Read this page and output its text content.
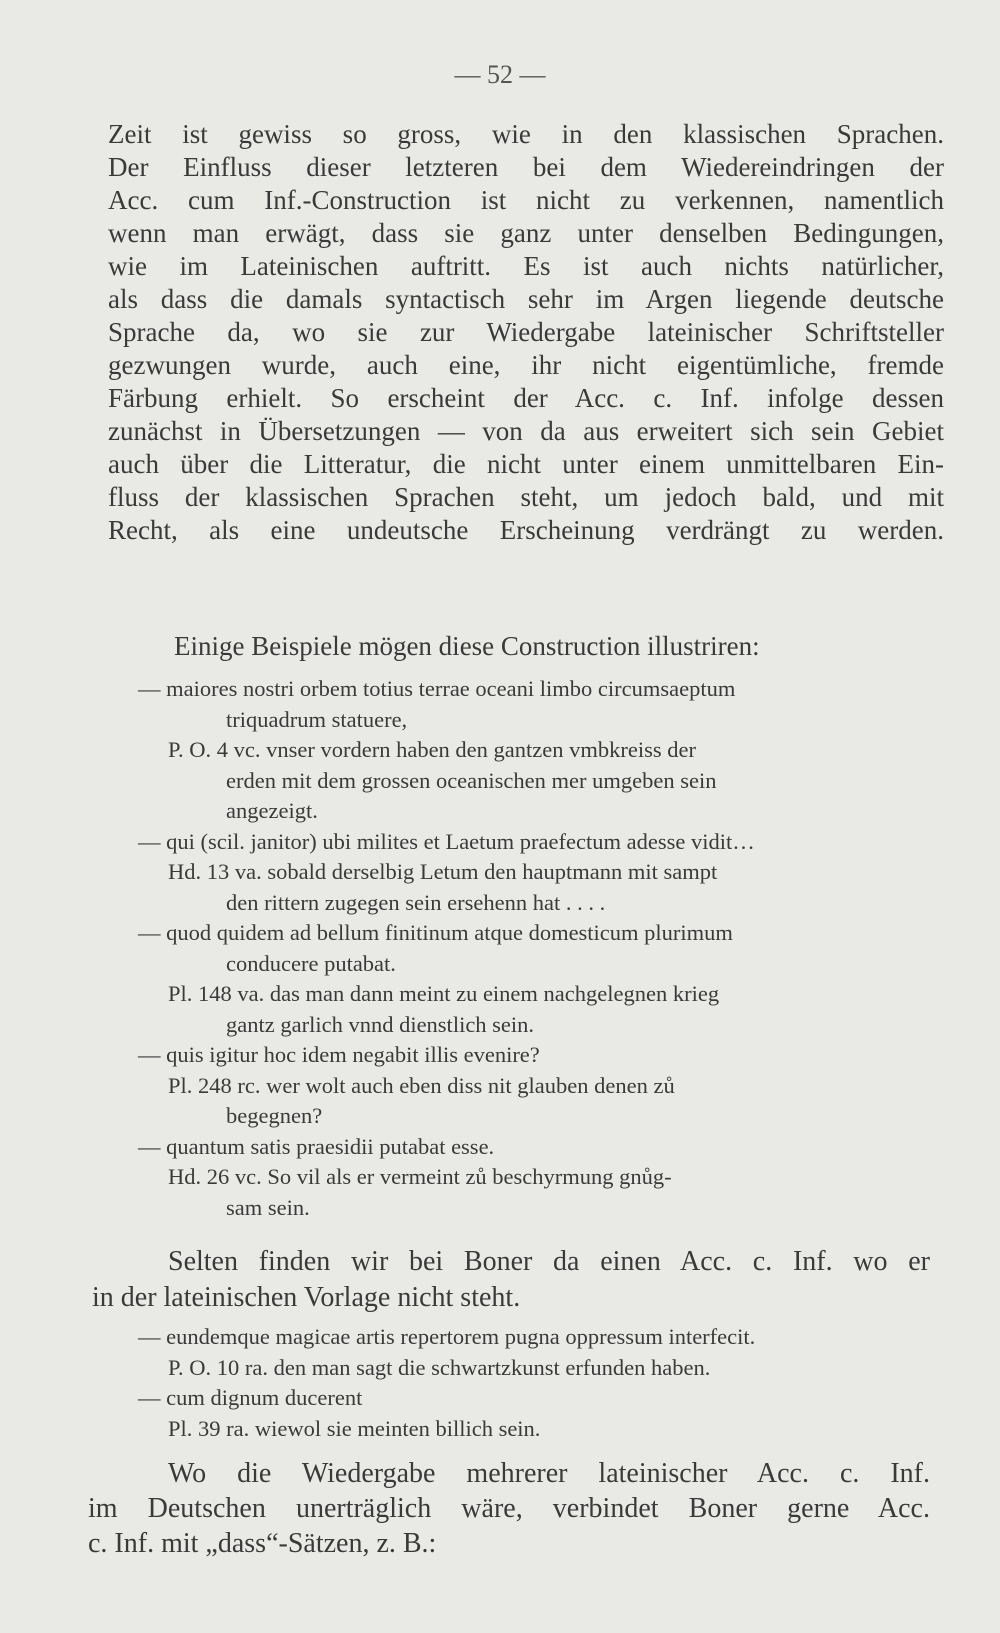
— 52 —
Zeit ist gewiss so gross, wie in den klassischen Sprachen.
Der Einfluss dieser letzteren bei dem Wiedereindringen der
Acc. cum Inf.-Construction ist nicht zu verkennen, namentlich
wenn man erwägt, dass sie ganz unter denselben Bedingungen,
wie im Lateinischen auftritt. Es ist auch nichts natürlicher,
als dass die damals syntactisch sehr im Argen liegende deutsche
Sprache da, wo sie zur Wiedergabe lateinischer Schriftsteller
gezwungen wurde, auch eine, ihr nicht eigentümliche, fremde
Färbung erhielt. So erscheint der Acc. c. Inf. infolge dessen
zunächst in Übersetzungen — von da aus erweitert sich sein Gebiet
auch über die Litteratur, die nicht unter einem unmittelbaren Ein-
fluss der klassischen Sprachen steht, um jedoch bald, und mit
Recht, als eine undeutsche Erscheinung verdrängt zu werden.
Einige Beispiele mögen diese Construction illustriren:
— maiores nostri orbem totius terrae oceani limbo circumsaeptum
triquadrum statuere,
P. O. 4 vc. vnser vordern haben den gantzen vmbkreiss der
erden mit dem grossen oceanischen mer umgeben sein
angezeigt.
— qui (scil. janitor) ubi milites et Laetum praefectum adesse vidit…
Hd. 13 va. sobald derselbig Letum den hauptmann mit sampt
den rittern zugegen sein ersehenn hat . . . .
— quod quidem ad bellum finitinum atque domesticum plurimum
conducere putabat.
Pl. 148 va. das man dann meint zu einem nachgelegnen krieg
gantz garlich vnnd dienstlich sein.
— quis igitur hoc idem negabit illis evenire?
Pl. 248 rc. wer wolt auch eben diss nit glauben denen zů
begegnen?
— quantum satis praesidii putabat esse.
Hd. 26 vc. So vil als er vermeint zů beschyrmung gnůg-
sam sein.
Selten finden wir bei Boner da einen Acc. c. Inf. wo er
in der lateinischen Vorlage nicht steht.
— eundemque magicae artis repertorem pugna oppressum interfecit.
P. O. 10 ra. den man sagt die schwartzkunst erfunden haben.
— cum dignum ducerent
Pl. 39 ra. wiewol sie meinten billich sein.
Wo die Wiedergabe mehrerer lateinischer Acc. c. Inf.
im Deutschen unerträglich wäre, verbindet Boner gerne Acc.
c. Inf. mit „dass“-Sätzen, z. B.:
